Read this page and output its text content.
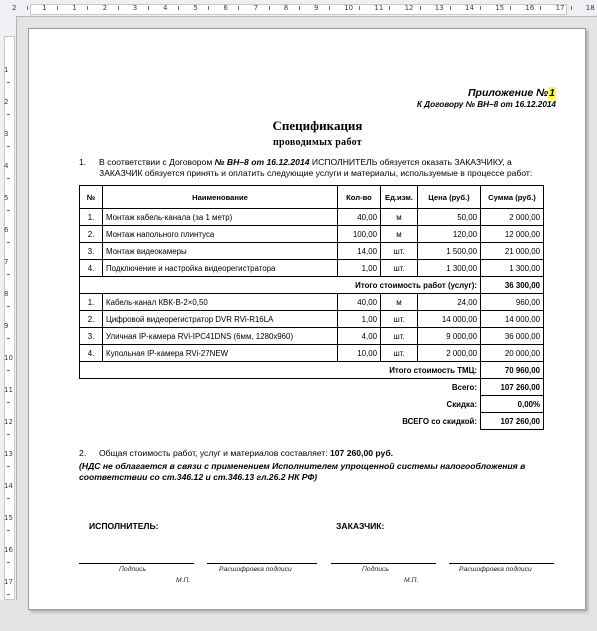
2	1	1	2	3	4	5	6	7	8	9	10	11	12	13	14	15	16	17	18
1
2
3
4
5
6
7
8
9
10
11
12
13
14
15
16
17
Приложение №1
К Договору № ВН–8 от 16.12.2014
Спецификация
проводимых работ
1. В соответствии с Договором № ВН–8 от 16.12.2014 ИСПОЛНИТЕЛЬ обязуется оказать ЗАКАЗЧИКУ, а ЗАКАЗЧИК обязуется принять и оплатить следующие услуги и материалы, используемые в процессе работ:
№	Наименование	Кол-во	Ед.изм.	Цена (руб.)	Сумма (руб.)
1.	Монтаж кабель-канала (за 1 метр)	40,00	м	50,00	2 000,00
2.	Монтаж напольного плинтуса	100,00	м	120,00	12 000,00
3.	Монтаж видеокамеры	14,00	шт.	1 500,00	21 000,00
4.	Подключение и настройка видеорегистратора	1,00	шт.	1 300,00	1 300,00
Итого стоимость работ (услуг):					36 300,00
1.	Кабель-канал КВК-В-2×0,50	40,00	м	24,00	960,00
2.	Цифровой видеорегистратор DVR RVi-R16LA	1,00	шт.	14 000,00	14 000,00
3.	Уличная IP-камера RVi-IPC41DNS (6мм, 1280x960)	4,00	шт.	9 000,00	36 000,00
4.	Купольная IP-камера RVi-27NEW	10,00	шт.	2 000,00	20 000,00
Итого стоимость ТМЦ:					70 960,00
Всего:					107 260,00
Скидка:					0,00%
ВСЕГО со скидкой:					107 260,00
2. Общая стоимость работ, услуг и материалов составляет: 107 260,00 руб.
(НДС не облагается в связи с применением Исполнителем упрощенной системы налогообложения в соответствии со ст.346.12 и ст.346.13 гл.26.2 НК РФ)
ИСПОЛНИТЕЛЬ:	ЗАКАЗЧИК:
Подпись	Расшифровка подписи	Подпись	Расшифровка подписи
М.П.	М.П.
